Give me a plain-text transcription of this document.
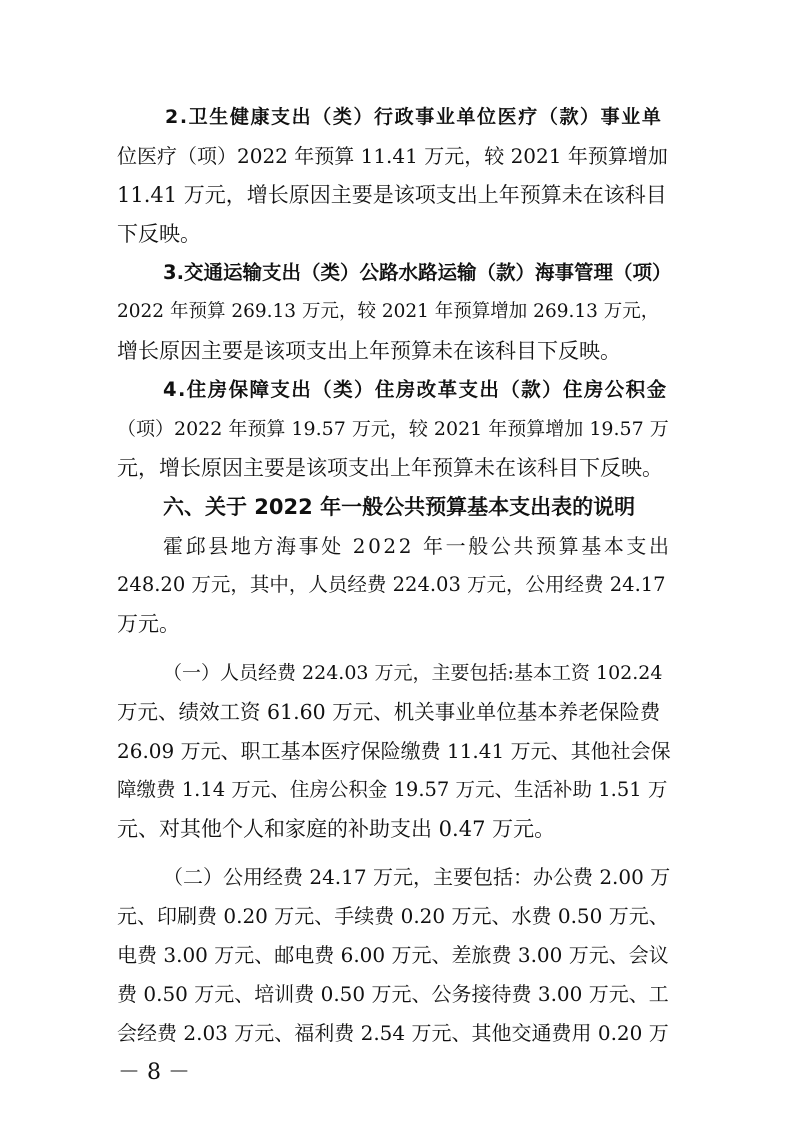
2.卫生健康支出（类）行政事业单位医疗（款）事业单
位医疗（项）2022 年预算 11.41 万元，较 2021 年预算增加
11.41 万元，增长原因主要是该项支出上年预算未在该科目
下反映。
3.交通运输支出（类）公路水路运输（款）海事管理（项）
2022 年预算 269.13 万元，较 2021 年预算增加 269.13 万元，
增长原因主要是该项支出上年预算未在该科目下反映。
4.住房保障支出（类）住房改革支出（款）住房公积金
（项）2022 年预算 19.57 万元，较 2021 年预算增加 19.57 万
元，增长原因主要是该项支出上年预算未在该科目下反映。
六、关于 2022 年一般公共预算基本支出表的说明
霍邱县地方海事处 2022 年一般公共预算基本支出
248.20 万元，其中，人员经费 224.03 万元，公用经费 24.17
万元。
（一）人员经费 224.03 万元，主要包括:基本工资 102.24
万元、绩效工资 61.60 万元、机关事业单位基本养老保险费
26.09 万元、职工基本医疗保险缴费 11.41 万元、其他社会保
障缴费 1.14 万元、住房公积金 19.57 万元、生活补助 1.51 万
元、对其他个人和家庭的补助支出 0.47 万元。
（二）公用经费 24.17 万元，主要包括：办公费 2.00 万
元、印刷费 0.20 万元、手续费 0.20 万元、水费 0.50 万元、
电费 3.00 万元、邮电费 6.00 万元、差旅费 3.00 万元、会议
费 0.50 万元、培训费 0.50 万元、公务接待费 3.00 万元、工
会经费 2.03 万元、福利费 2.54 万元、其他交通费用 0.20 万
－ 8 －
